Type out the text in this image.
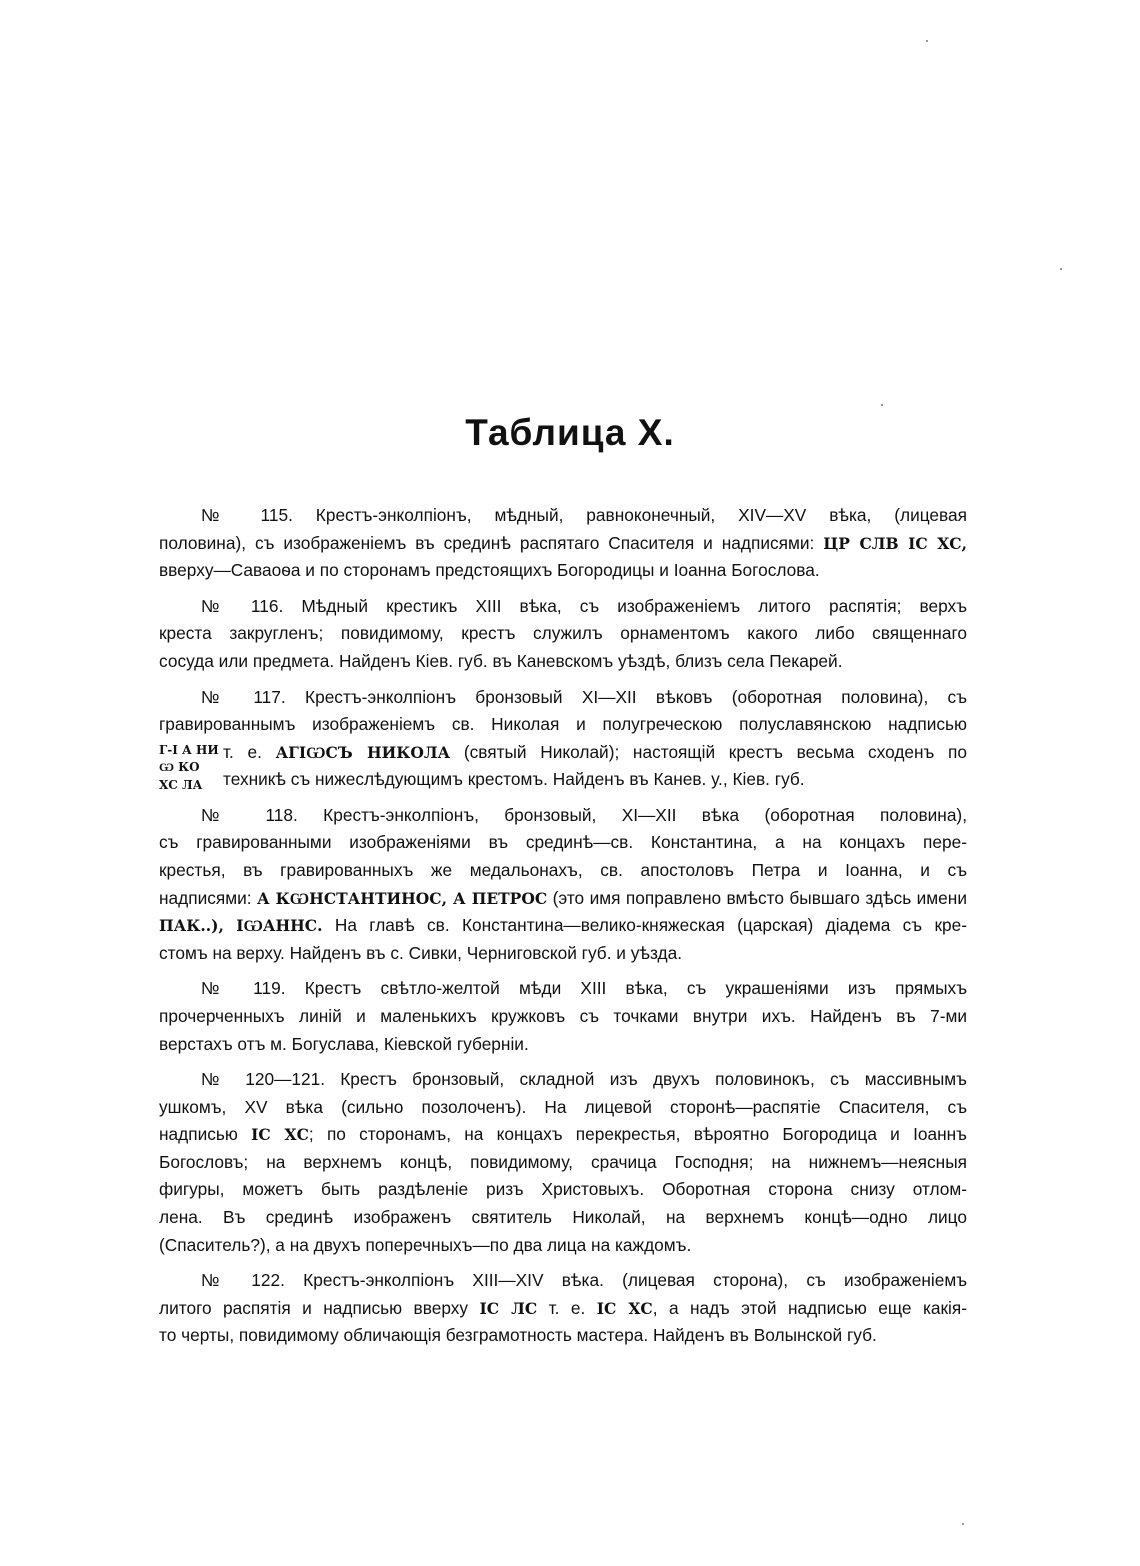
Таблица X.
№ 115. Крестъ-энколпіонъ, мѣдный, равноконечный, XIV—XV вѣка, (лицевая
половина), съ изображеніемъ въ срединѣ распятаго Спасителя и надписями: ЦР СЛВ ІС ХС,
вверху—Саваоѳа и по сторонамъ предстоящихъ Богородицы и Іоанна Богослова.
№ 116. Мѣдный крестикъ XIII вѣка, съ изображеніемъ литого распятія; верхъ
креста закругленъ; повидимому, крестъ служилъ орнаментомъ какого либо священнаго
сосуда или предмета. Найденъ Кіев. губ. въ Каневскомъ уѣздѣ, близъ села Пекарей.
№ 117. Крестъ-энколпіонъ бронзовый XI—XII вѣковъ (оборотная половина), съ
гравированнымъ изображеніемъ св. Николая и полугреческою полуславянскою надписью
Г-І А НИ
Ѡ КО
ХС ЛА
т. е. АГІѠСЪ НИКОЛА (святый Николай); настоящій крестъ весьма сходенъ по
техникѣ съ нижеслѣдующимъ крестомъ. Найденъ въ Канев. у., Кіев. губ.
№ 118. Крестъ-энколпіонъ, бронзовый, XI—XII вѣка (оборотная половина),
съ гравированными изображеніями въ срединѣ—св. Константина, а на концахъ пере-
крестья, въ гравированныхъ же медальонахъ, св. апостоловъ Петра и Іоанна, и съ
надписями: А КѠНСТАНТИНОС, А ПЕТРОС (это имя поправлено вмѣсто бывшаго здѣсь имени
ПАК..), ІѠАННС. На главѣ св. Константина—велико-княжеская (царская) діадема съ кре-
стомъ на верху. Найденъ въ с. Сивки, Черниговской губ. и уѣзда.
№ 119. Крестъ свѣтло-желтой мѣди XIII вѣка, съ украшеніями изъ прямыхъ
прочерченныхъ линій и маленькихъ кружковъ съ точками внутри ихъ. Найденъ въ 7-ми
верстахъ отъ м. Богуслава, Кіевской губерніи.
№ 120—121. Крестъ бронзовый, складной изъ двухъ половинокъ, съ массивнымъ
ушкомъ, XV вѣка (сильно позолоченъ). На лицевой сторонѣ—распятіе Спасителя, съ
надписью ІС ХС; по сторонамъ, на концахъ перекрестья, вѣроятно Богородица и Іоаннъ
Богословъ; на верхнемъ концѣ, повидимому, срачица Господня; на нижнемъ—неясныя
фигуры, можетъ быть раздѣленіе ризъ Христовыхъ. Оборотная сторона снизу отлом-
лена. Въ срединѣ изображенъ святитель Николай, на верхнемъ концѣ—одно лицо
(Спаситель?), а на двухъ поперечныхъ—по два лица на каждомъ.
№ 122. Крестъ-энколпіонъ XIII—XIV вѣка. (лицевая сторона), съ изображеніемъ
литого распятія и надписью вверху ІС ЛС т. е. ІС ХС, а надъ этой надписью еще какія-
то черты, повидимому обличающія безграмотность мастера. Найденъ въ Волынской губ.
